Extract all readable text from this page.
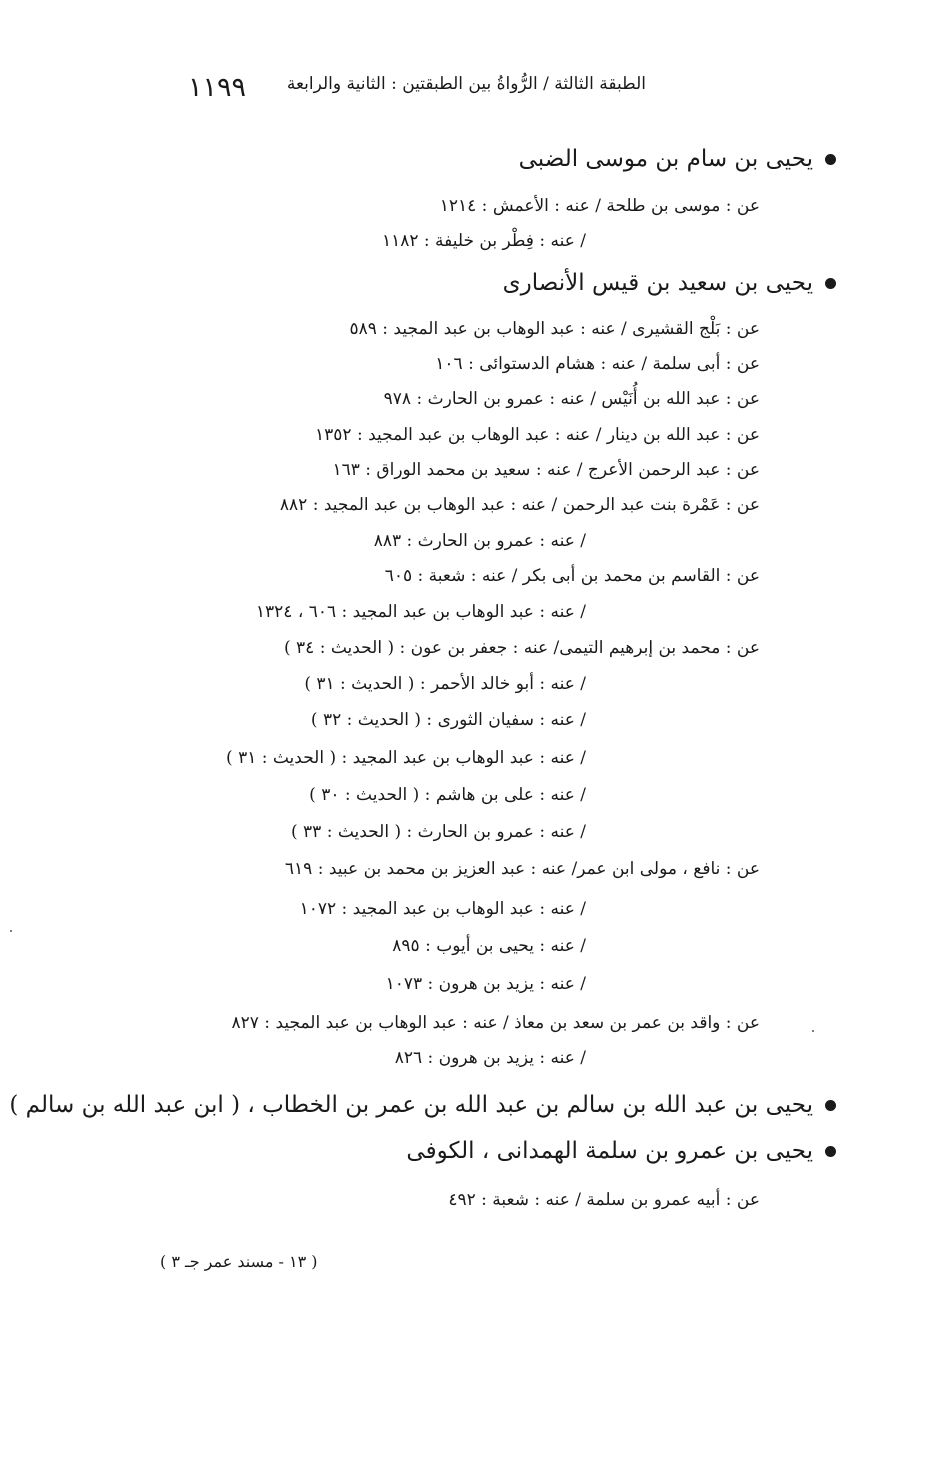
١١٩٩ الطبقة الثالثة / الرُّواةُ بين الطبقتين : الثانية والرابعة
يحيى بن سام بن موسى الضبى
عن : موسى بن طلحة / عنه : الأعمش : ١٢١٤
/ عنه : فِطْر بن خليفة : ١١٨٢
يحيى بن سعيد بن قيس الأنصارى
عن : بَلْج القشيرى / عنه : عبد الوهاب بن عبد المجيد : ٥٨٩
عن : أبى سلمة / عنه : هشام الدستوائى : ١٠٦
عن : عبد الله بن أُنَيْس / عنه : عمرو بن الحارث : ٩٧٨
عن : عبد الله بن دينار / عنه : عبد الوهاب بن عبد المجيد : ١٣٥٢
عن : عبد الرحمن الأعرج / عنه : سعيد بن محمد الوراق : ١٦٣
عن : عَمْرة بنت عبد الرحمن / عنه : عبد الوهاب بن عبد المجيد : ٨٨٢
/ عنه : عمرو بن الحارث : ٨٨٣
عن : القاسم بن محمد بن أبى بكر / عنه : شعبة : ٦٠٥
/ عنه : عبد الوهاب بن عبد المجيد : ٦٠٦ ، ١٣٢٤
عن : محمد بن إبرهيم التيمى/ عنه : جعفر بن عون : ( الحديث : ٣٤ )
/ عنه : أبو خالد الأحمر : ( الحديث : ٣١ )
/ عنه : سفيان الثورى : ( الحديث : ٣٢ )
/ عنه : عبد الوهاب بن عبد المجيد : ( الحديث : ٣١ )
/ عنه : على بن هاشم : ( الحديث : ٣٠ )
/ عنه : عمرو بن الحارث : ( الحديث : ٣٣ )
عن : نافع ، مولى ابن عمر/ عنه : عبد العزيز بن محمد بن عبيد : ٦١٩
/ عنه : عبد الوهاب بن عبد المجيد : ١٠٧٢
/ عنه : يحيى بن أيوب : ٨٩٥
/ عنه : يزيد بن هرون : ١٠٧٣
عن : واقد بن عمر بن سعد بن معاذ / عنه : عبد الوهاب بن عبد المجيد : ٨٢٧
/ عنه : يزيد بن هرون : ٨٢٦
يحيى بن عبد الله بن سالم بن عبد الله بن عمر بن الخطاب ، ( ابن عبد الله بن سالم )
يحيى بن عمرو بن سلمة الهمدانى ، الكوفى
عن : أبيه عمرو بن سلمة / عنه : شعبة : ٤٩٢
( ١٣ - مسند عمر جـ ٣ )
